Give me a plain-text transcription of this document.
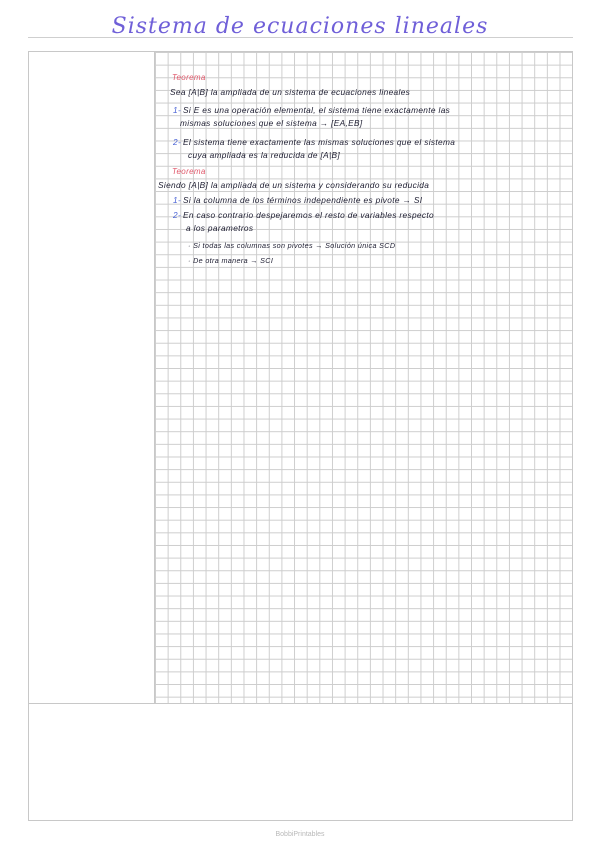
Sistema de ecuaciones lineales
Teorema
Sea [A|B] la ampliada de un sistema de ecuaciones lineales
1- Si E es una operación elemental, el sistema tiene exactamente las
mismas soluciones que el sistema → [EA,EB]
2- El sistema tiene exactamente las mismas soluciones que el sistema
cuya ampliada es la reducida de [A|B]
Teorema
Siendo [A|B] la ampliada de un sistema y considerando su reducida
1- Si la columna de los términos independiente es pivote → SI
2- En caso contrario despejaremos el resto de variables respecto
a los parametros
· Si todas las columnas son pivotes → Solución única SCD
· De otra manera → SCI
BobbiPrintables
